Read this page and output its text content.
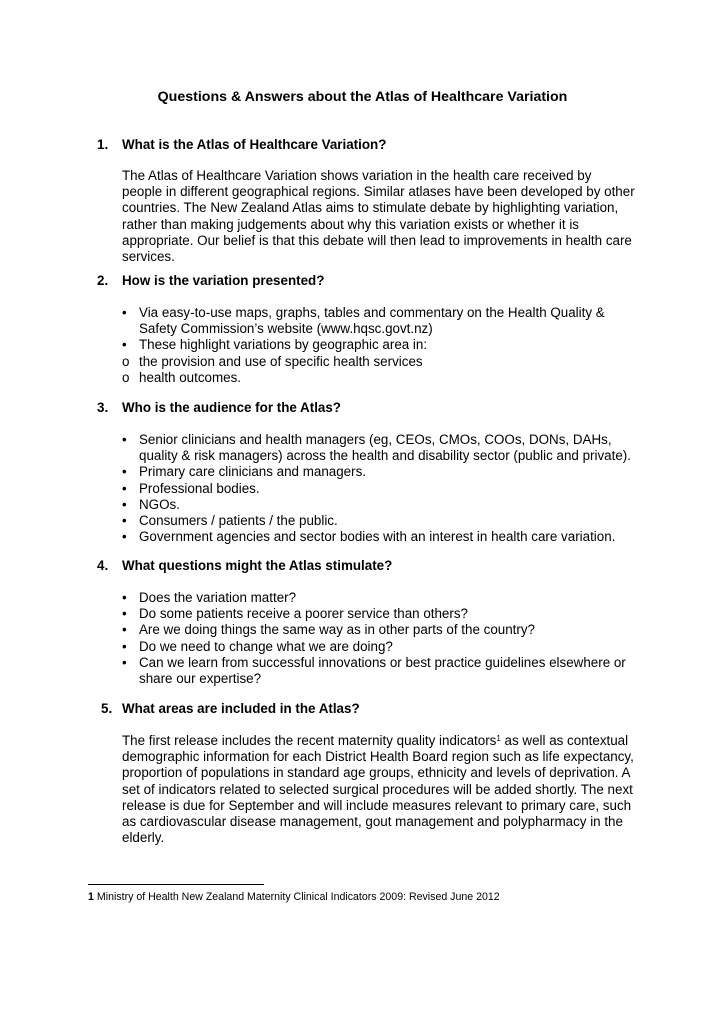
Questions & Answers about the Atlas of Healthcare Variation
1. What is the Atlas of Healthcare Variation?
The Atlas of Healthcare Variation shows variation in the health care received by
people in different geographical regions. Similar atlases have been developed by other
countries. The New Zealand Atlas aims to stimulate debate by highlighting variation,
rather than making judgements about why this variation exists or whether it is
appropriate. Our belief is that this debate will then lead to improvements in health care
services.
2. How is the variation presented?
• Via easy-to-use maps, graphs, tables and commentary on the Health Quality &
Safety Commission’s website (www.hqsc.govt.nz)
• These highlight variations by geographic area in:
o the provision and use of specific health services
o health outcomes.
3. Who is the audience for the Atlas?
• Senior clinicians and health managers (eg, CEOs, CMOs, COOs, DONs, DAHs,
quality & risk managers) across the health and disability sector (public and private).
• Primary care clinicians and managers.
• Professional bodies.
• NGOs.
• Consumers / patients / the public.
• Government agencies and sector bodies with an interest in health care variation.
4. What questions might the Atlas stimulate?
• Does the variation matter?
• Do some patients receive a poorer service than others?
• Are we doing things the same way as in other parts of the country?
• Do we need to change what we are doing?
• Can we learn from successful innovations or best practice guidelines elsewhere or
share our expertise?
5. What areas are included in the Atlas?
The first release includes the recent maternity quality indicators$^1$ as well as contextual
demographic information for each District Health Board region such as life expectancy,
proportion of populations in standard age groups, ethnicity and levels of deprivation. A
set of indicators related to selected surgical procedures will be added shortly. The next
release is due for September and will include measures relevant to primary care, such
as cardiovascular disease management, gout management and polypharmacy in the
elderly.
1 Ministry of Health New Zealand Maternity Clinical Indicators 2009: Revised June 2012
